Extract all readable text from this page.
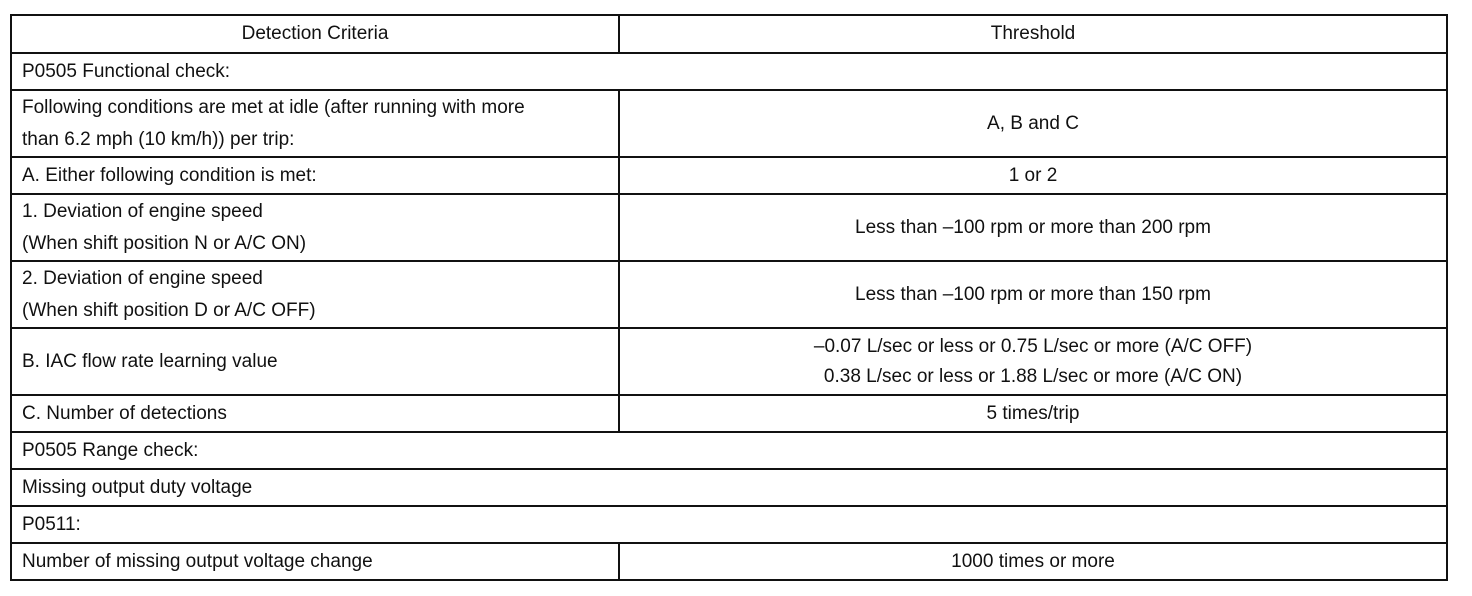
Detection Criteria	Threshold
P0505 Functional check:	

Following conditions are met at idle (after running with more
than 6.2 mph (10 km/h)) per trip:	A, B and C
A. Either following condition is met:	1 or 2

1. Deviation of engine speed
(When shift position N or A/C ON)	Less than –100 rpm or more than 200 rpm

2. Deviation of engine speed
(When shift position D or A/C OFF)	Less than –100 rpm or more than 150 rpm
B. IAC flow rate learning value	–0.07 L/sec or less or 0.75 L/sec or more (A/C OFF)
0.38 L/sec or less or 1.88 L/sec or more (A/C ON)

C. Number of detections	5 times/trip
P0505 Range check:	
Missing output duty voltage	
P0511:	
Number of missing output voltage change	1000 times or more
